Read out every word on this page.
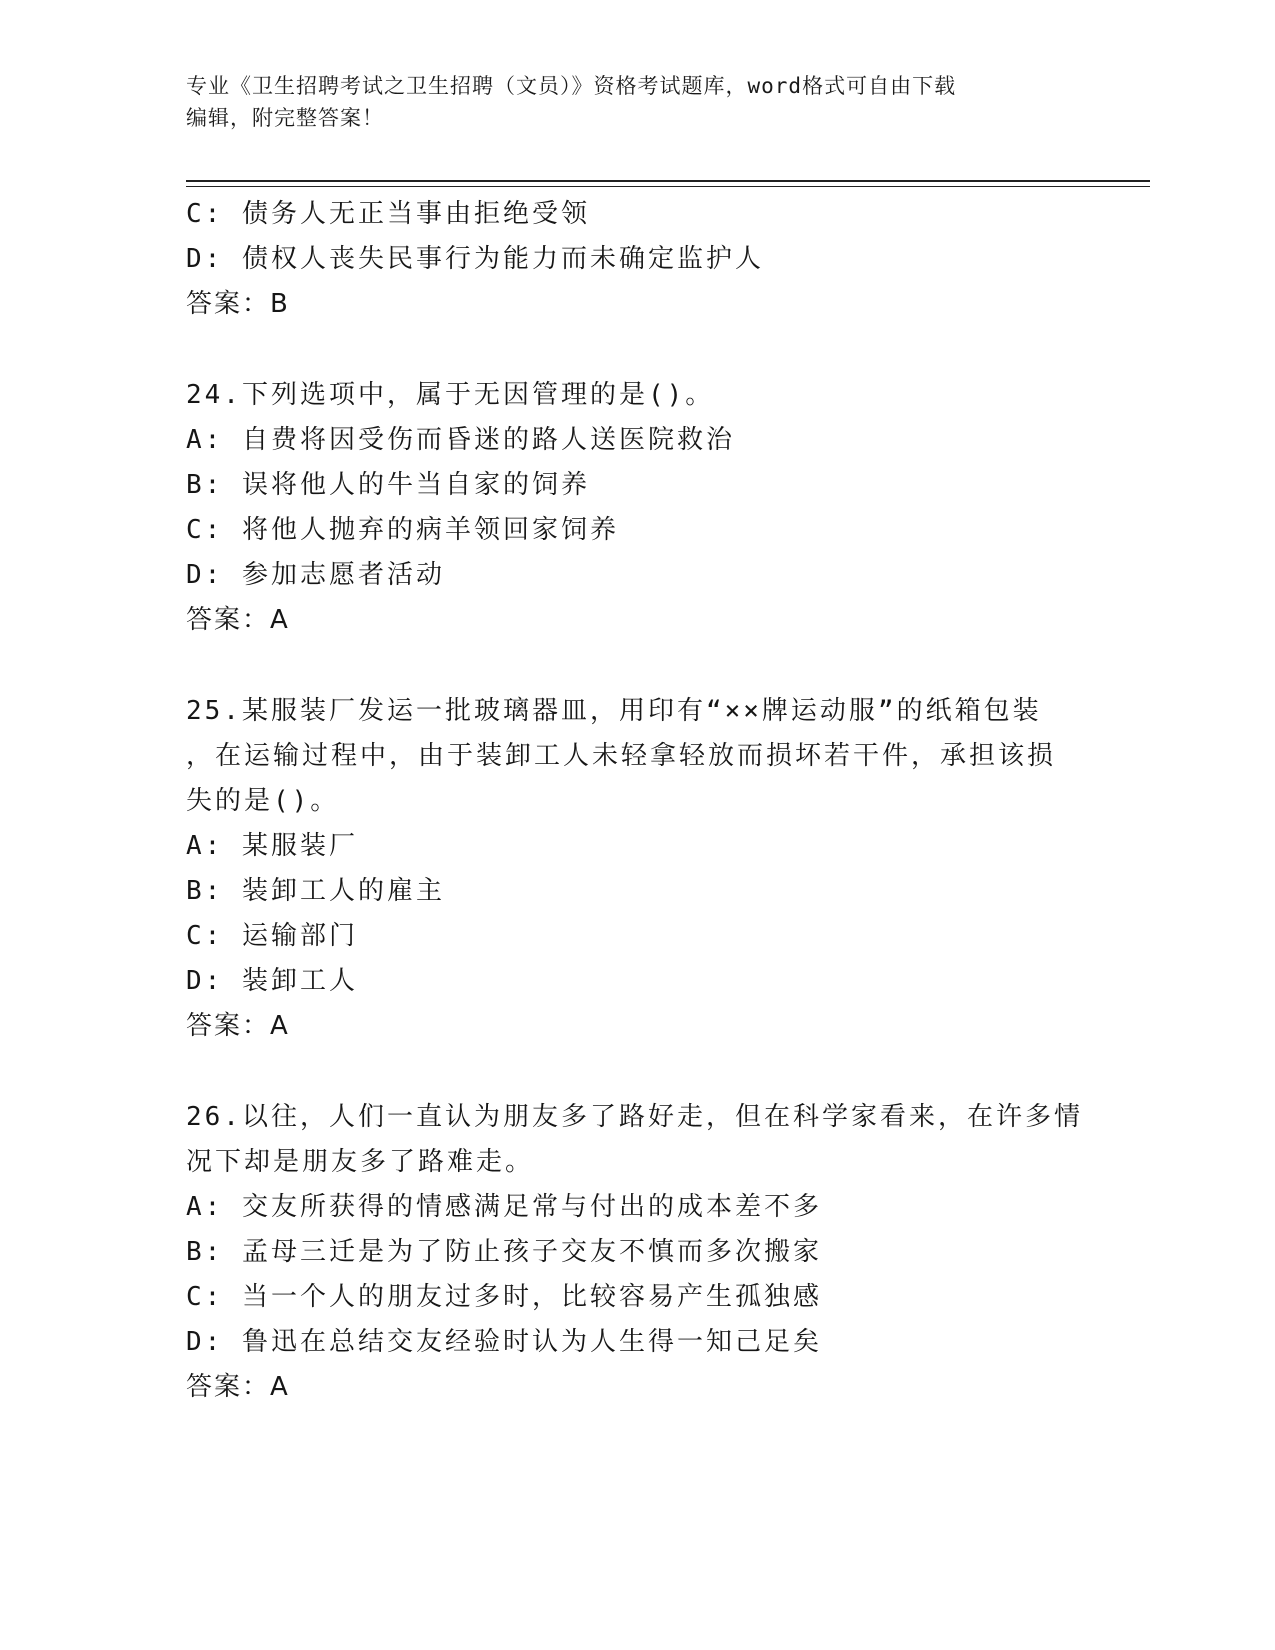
专业《卫生招聘考试之卫生招聘（文员）》资格考试题库，word格式可自由下载
编辑，附完整答案！
C: 债务人无正当事由拒绝受领
D: 债权人丧失民事行为能力而未确定监护人
答案：B
24.下列选项中，属于无因管理的是()。
A: 自费将因受伤而昏迷的路人送医院救治
B: 误将他人的牛当自家的饲养
C: 将他人抛弃的病羊领回家饲养
D: 参加志愿者活动
答案：A
25.某服装厂发运一批玻璃器皿，用印有“××牌运动服”的纸箱包装
，在运输过程中，由于装卸工人未轻拿轻放而损坏若干件，承担该损
失的是()。
A: 某服装厂
B: 装卸工人的雇主
C: 运输部门
D: 装卸工人
答案：A
26.以往，人们一直认为朋友多了路好走，但在科学家看来，在许多情
况下却是朋友多了路难走。
A: 交友所获得的情感满足常与付出的成本差不多
B: 孟母三迁是为了防止孩子交友不慎而多次搬家
C: 当一个人的朋友过多时，比较容易产生孤独感
D: 鲁迅在总结交友经验时认为人生得一知己足矣
答案：A
